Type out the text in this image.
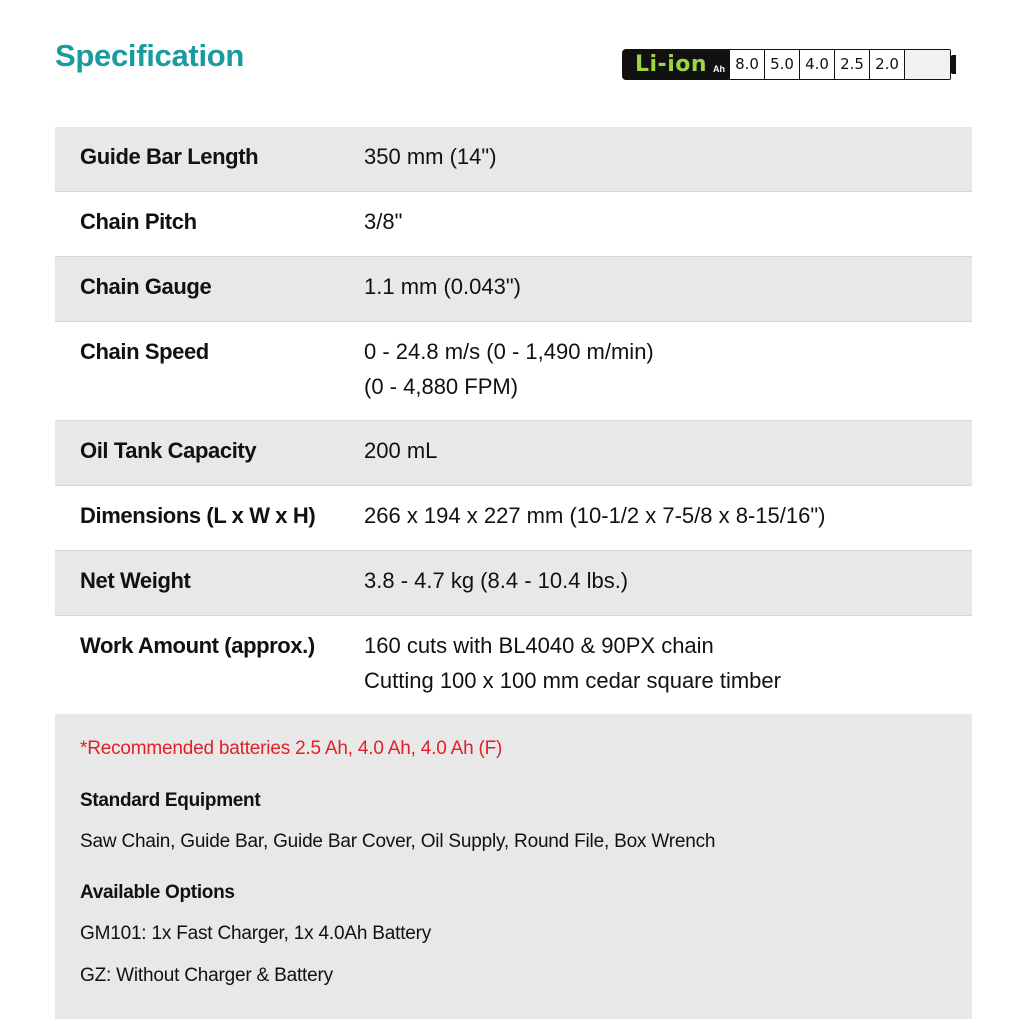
Specification	Li-ion Ah 8.0 5.0 4.0 2.5 2.0
Guide Bar Length	350 mm (14")
Chain Pitch	3/8"
Chain Gauge	1.1 mm (0.043")
Chain Speed	0 - 24.8 m/s (0 - 1,490 m/min)
(0 - 4,880 FPM)
Oil Tank Capacity	200 mL
Dimensions (L x W x H)	266 x 194 x 227 mm (10-1/2 x 7-5/8 x 8-15/16")
Net Weight	3.8 - 4.7 kg (8.4 - 10.4 lbs.)
Work Amount (approx.)	160 cuts with BL4040 & 90PX chain
Cutting 100 x 100 mm cedar square timber
*Recommended batteries 2.5 Ah, 4.0 Ah, 4.0 Ah (F)
Standard Equipment
Saw Chain, Guide Bar, Guide Bar Cover, Oil Supply, Round File, Box Wrench
Available Options
GM101: 1x Fast Charger, 1x 4.0Ah Battery
GZ: Without Charger & Battery
